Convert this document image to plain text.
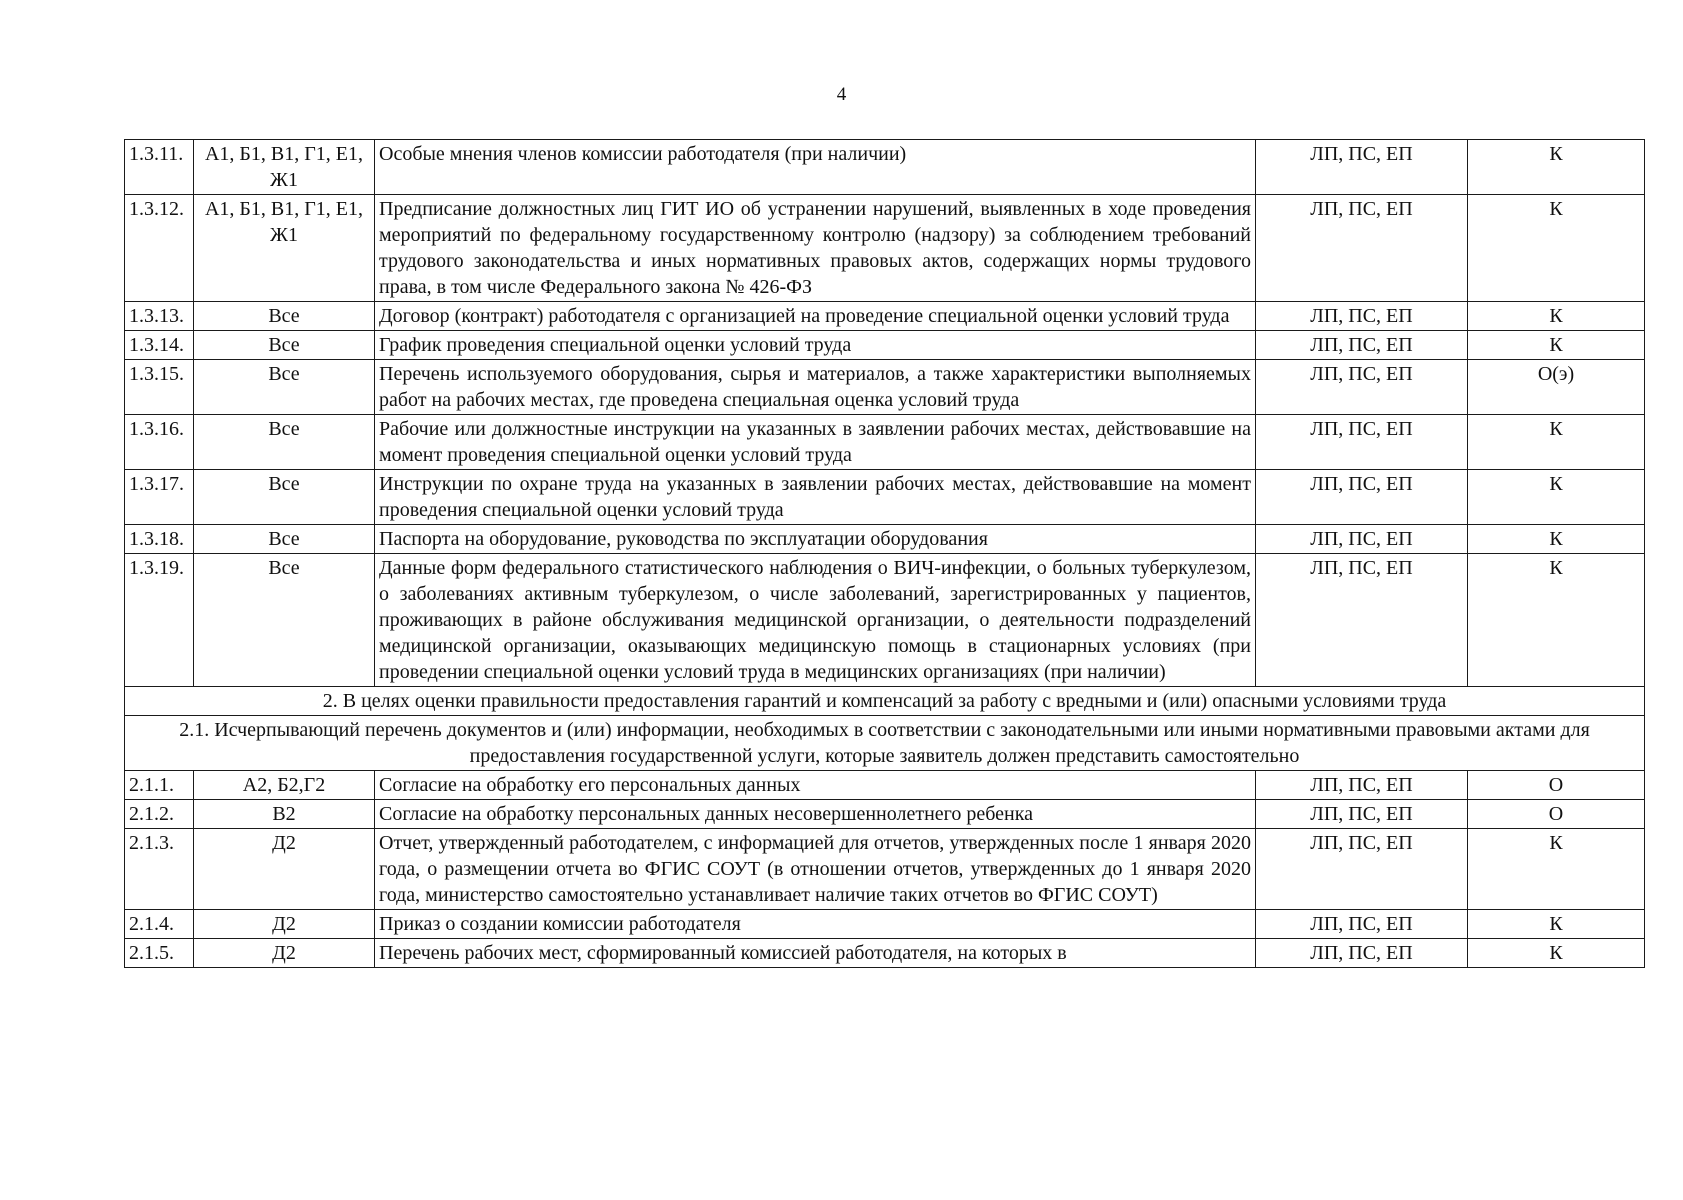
4
1.3.11.	А1, Б1, В1, Г1, Е1, Ж1	Особые мнения членов комиссии работодателя (при наличии)	ЛП, ПС, ЕП	К
1.3.12.	А1, Б1, В1, Г1, Е1, Ж1	Предписание должностных лиц ГИТ ИО об устранении нарушений, выявленных в ходе проведения мероприятий по федеральному государственному контролю (надзору) за соблюдением требований трудового законодательства и иных нормативных правовых актов, содержащих нормы трудового права, в том числе Федерального закона № 426-ФЗ	ЛП, ПС, ЕП	К
1.3.13.	Все	Договор (контракт) работодателя с организацией на проведение специальной оценки условий труда	ЛП, ПС, ЕП	К
1.3.14.	Все	График проведения специальной оценки условий труда	ЛП, ПС, ЕП	К
1.3.15.	Все	Перечень используемого оборудования, сырья и материалов, а также характеристики выполняемых работ на рабочих местах, где проведена специальная оценка условий труда	ЛП, ПС, ЕП	О(э)
1.3.16.	Все	Рабочие или должностные инструкции на указанных в заявлении рабочих местах, действовавшие на момент проведения специальной оценки условий труда	ЛП, ПС, ЕП	К
1.3.17.	Все	Инструкции по охране труда на указанных в заявлении рабочих местах, действовавшие на момент проведения специальной оценки условий труда	ЛП, ПС, ЕП	К
1.3.18.	Все	Паспорта на оборудование, руководства по эксплуатации оборудования	ЛП, ПС, ЕП	К
1.3.19.	Все	Данные форм федерального статистического наблюдения о ВИЧ-инфекции, о больных туберкулезом, о заболеваниях активным туберкулезом, о числе заболеваний, зарегистрированных у пациентов, проживающих в районе обслуживания медицинской организации, о деятельности подразделений медицинской организации, оказывающих медицинскую помощь в стационарных условиях (при проведении специальной оценки условий труда в медицинских организациях (при наличии)	ЛП, ПС, ЕП	К
2. В целях оценки правильности предоставления гарантий и компенсаций за работу с вредными и (или) опасными условиями труда				
2.1. Исчерпывающий перечень документов и (или) информации, необходимых в соответствии с законодательными или иными нормативными правовыми актами для предоставления государственной услуги, которые заявитель должен представить самостоятельно				
2.1.1.	А2, Б2,Г2	Согласие на обработку его персональных данных	ЛП, ПС, ЕП	О
2.1.2.	В2	Согласие на обработку персональных данных несовершеннолетнего ребенка	ЛП, ПС, ЕП	О
2.1.3.	Д2	Отчет, утвержденный работодателем, с информацией для отчетов, утвержденных после 1 января 2020 года, о размещении отчета во ФГИС СОУТ (в отношении отчетов, утвержденных до 1 января 2020 года, министерство самостоятельно устанавливает наличие таких отчетов во ФГИС СОУТ)	ЛП, ПС, ЕП	К
2.1.4.	Д2	Приказ о создании комиссии работодателя	ЛП, ПС, ЕП	К
2.1.5.	Д2	Перечень рабочих мест, сформированный комиссией работодателя, на которых в	ЛП, ПС, ЕП	К
